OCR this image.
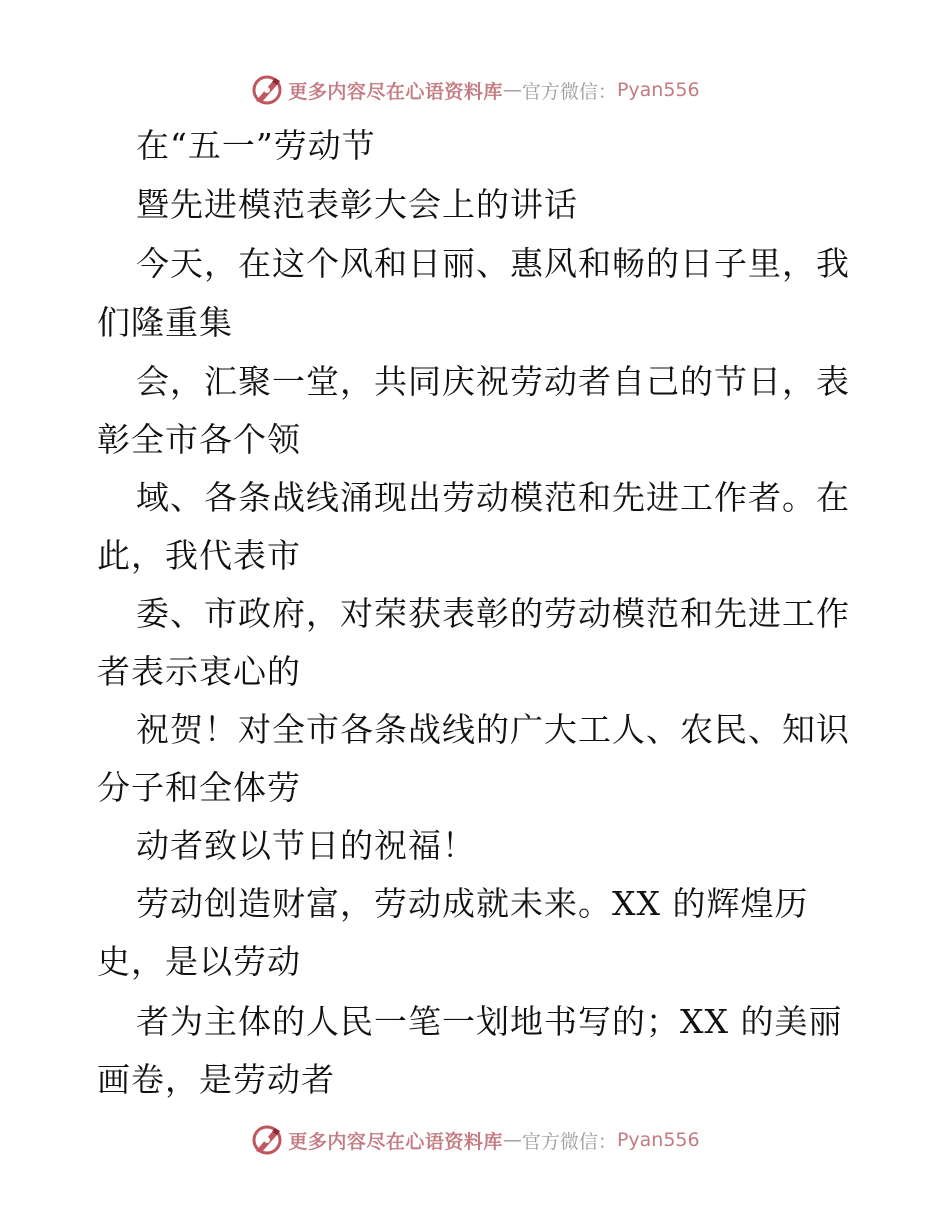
更多内容尽在心语资料库 — 官方微信： Pyan556
在“五一”劳动节
暨先进模范表彰大会上的讲话
今天，在这个风和日丽、惠风和畅的日子里，我
们隆重集
会，汇聚一堂，共同庆祝劳动者自己的节日，表
彰全市各个领
域、各条战线涌现出劳动模范和先进工作者。在
此，我代表市
委、市政府，对荣获表彰的劳动模范和先进工作
者表示衷心的
祝贺！对全市各条战线的广大工人、农民、知识
分子和全体劳
动者致以节日的祝福！
劳动创造财富，劳动成就未来。XX 的辉煌历
史，是以劳动
者为主体的人民一笔一划地书写的；XX 的美丽
画卷，是劳动者
更多内容尽在心语资料库 — 官方微信： Pyan556
